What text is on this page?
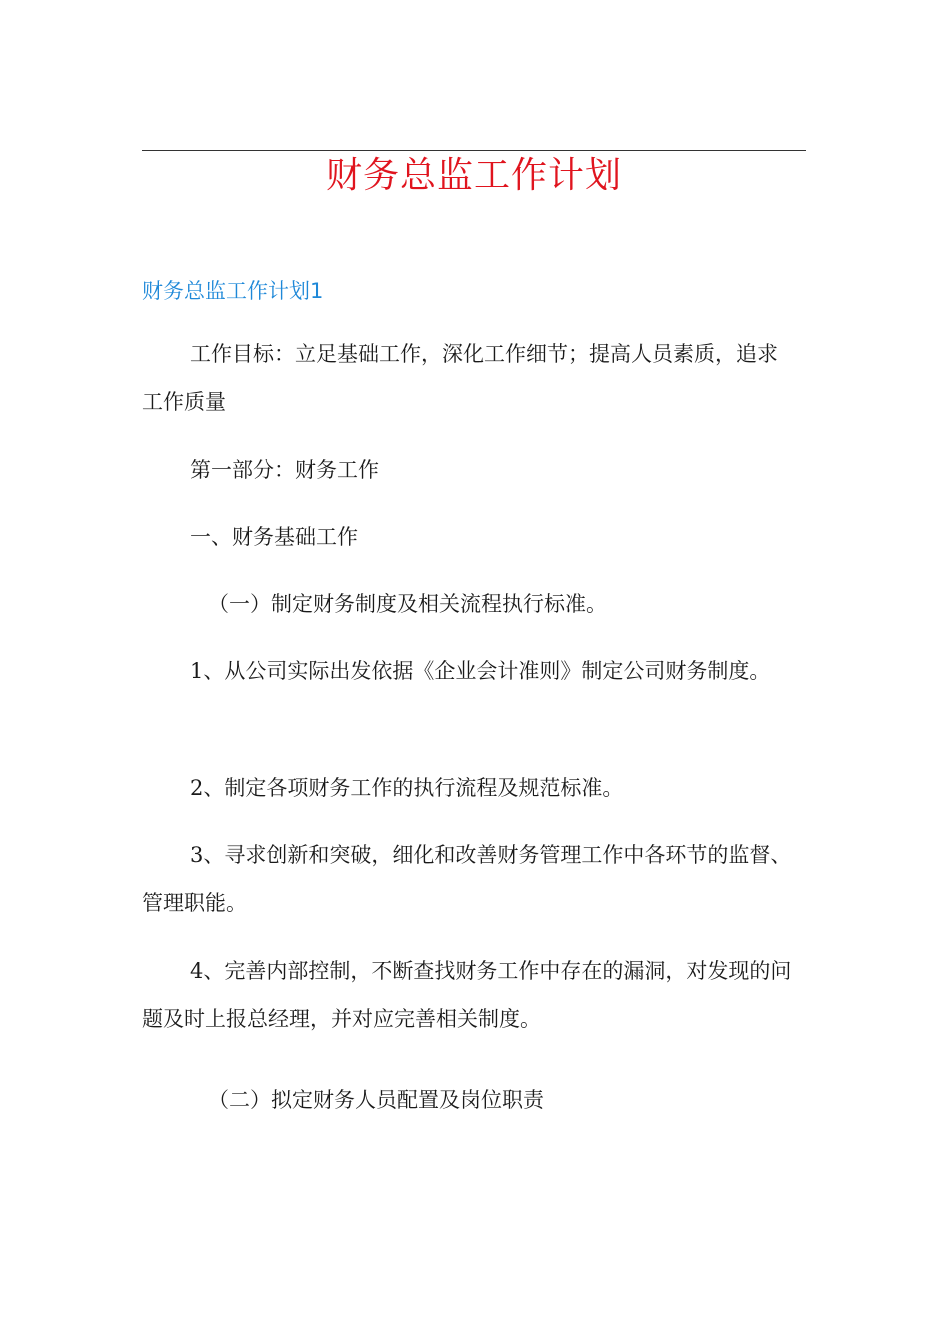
财务总监工作计划
财务总监工作计划1

工作目标：立足基础工作，深化工作细节；提高人员素质，追求工作质量

第一部分：财务工作

一、财务基础工作

（一）制定财务制度及相关流程执行标准。

1、从公司实际出发依据《企业会计准则》制定公司财务制度。

2、制定各项财务工作的执行流程及规范标准。

3、寻求创新和突破，细化和改善财务管理工作中各环节的监督、管理职能。

4、完善内部控制，不断查找财务工作中存在的漏洞，对发现的问题及时上报总经理，并对应完善相关制度。

（二）拟定财务人员配置及岗位职责
